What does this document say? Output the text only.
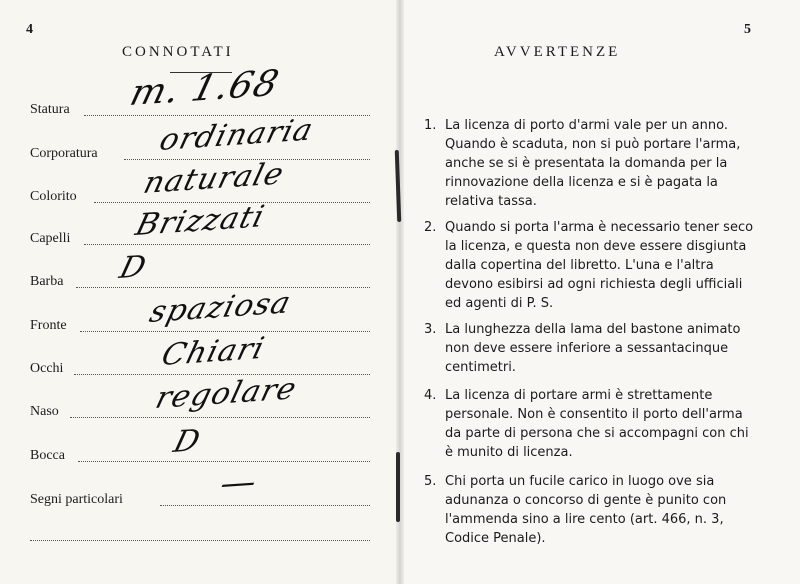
4
CONNOTATI
Statura m. 1.68
Corporatura ordinaria
Colorito naturale
Capelli Brizzati
Barba D
Fronte	spaziosa
Occhi	Chiari
Naso	regolare
Bocca	D
Segni particolari	—
5
AVVERTENZE
1. La licenza di porto d'armi vale per un anno. Quando è scaduta, non si può portare l'arma, anche se si è presentata la domanda per la rinnovazione della licenza e si è pagata la relativa tassa.
2. Quando si porta l'arma è necessario tener seco la licenza, e questa non deve essere disgiunta dalla copertina del libretto. L'una e l'altra devono esibirsi ad ogni richiesta degli ufficiali ed agenti di P. S.
3. La lunghezza della lama del bastone animato non deve essere inferiore a sessantacinque centimetri.
4. La licenza di portare armi è strettamente personale. Non è consentito il porto dell'arma da parte di persona che si accompagni con chi è munito di licenza.
5. Chi porta un fucile carico in luogo ove sia adunanza o concorso di gente è punito con l'ammenda sino a lire cento (art. 466, n. 3, Codice Penale).
